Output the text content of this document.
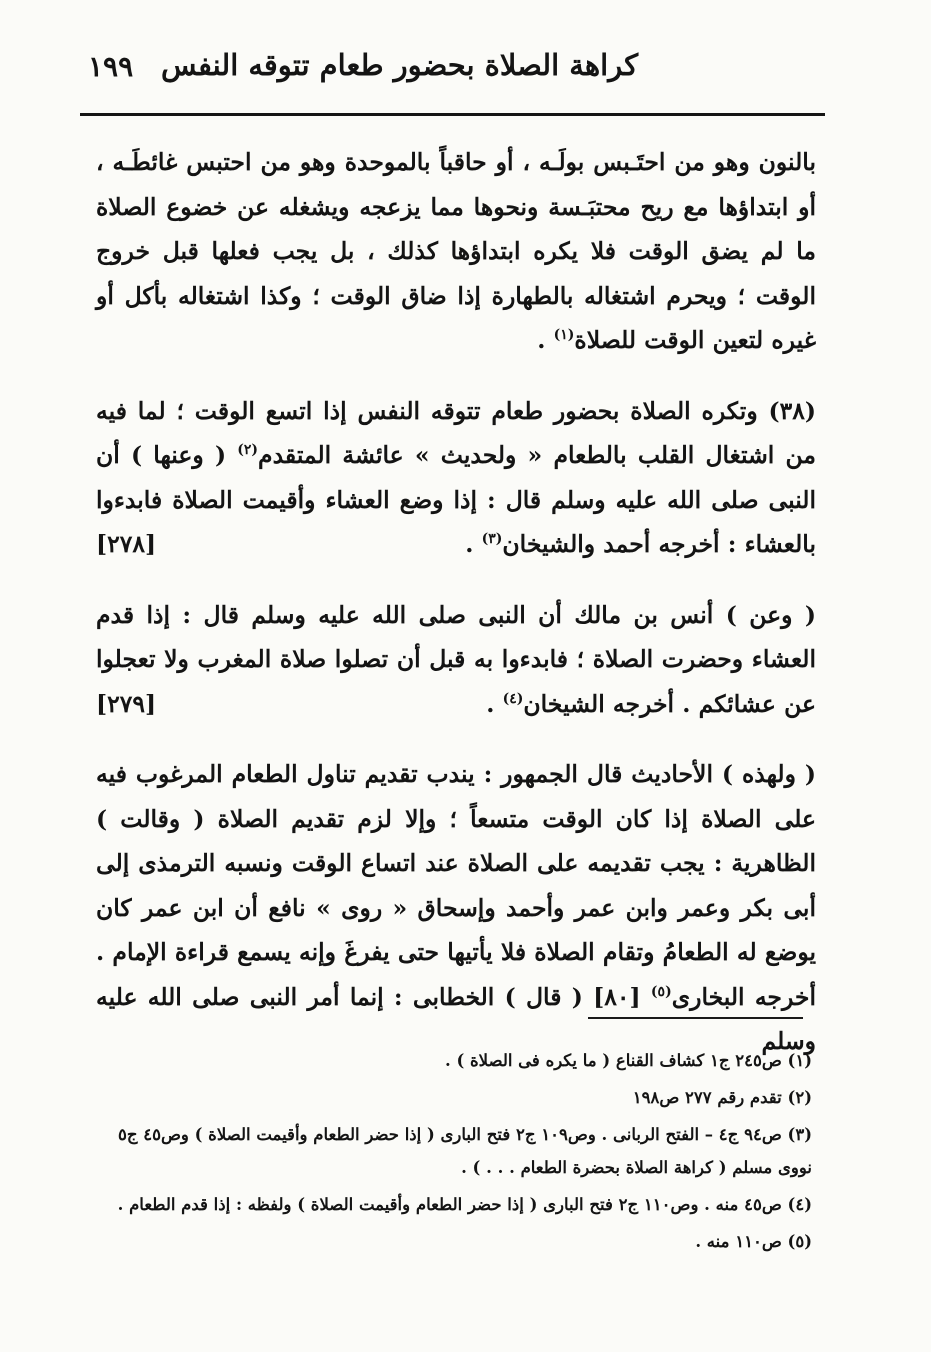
كراهة الصلاة بحضور طعام تتوقه النفس
١٩٩

بالنون وهو من احتَـبس بولَـه ، أو حاقباً بالموحدة وهو من احتبس غائطَـه ، أو ابتداؤها مع ريح محتبَـسة ونحوها مما يزعجه ويشغله عن خضوع الصلاة ما لم يضق الوقت فلا يكره ابتداؤها كذلك ، بل يجب فعلها قبل خروج الوقت ؛ ويحرم اشتغاله بالطهارة إذا ضاق الوقت ؛ وكذا اشتغاله بأكل أو غيره لتعين الوقت للصلاة$^{(١)}$ .

(٣٨) وتكره الصلاة بحضور طعام تتوقه النفس إذا اتسع الوقت ؛ لما فيه من اشتغال القلب بالطعام « ولحديث » عائشة المتقدم$^{(٢)}$ ( وعنها ) أن النبى صلى الله عليه وسلم قال : إذا وضع العشاء وأقيمت الصلاة فابدءوا بالعشاء : أخرجه أحمد والشيخان$^{(٣)}$ .
[٢٧٨]

( وعن ) أنس بن مالك أن النبى صلى الله عليه وسلم قال : إذا قدم العشاء وحضرت الصلاة ؛ فابدءوا به قبل أن تصلوا صلاة المغرب ولا تعجلوا عن عشائكم . أخرجه الشيخان$^{(٤)}$ .
[٢٧٩]

( ولهذه ) الأحاديث قال الجمهور : يندب تقديم تناول الطعام المرغوب فيه على الصلاة إذا كان الوقت متسعاً ؛ وإلا لزم تقديم الصلاة ( وقالت ) الظاهرية : يجب تقديمه على الصلاة عند اتساع الوقت ونسبه الترمذى إلى أبى بكر وعمر وابن عمر وأحمد وإسحاق « روى » نافع أن ابن عمر كان يوضع له الطعامُ وتقام الصلاة فلا يأتيها حتى يفرغَ وإنه يسمع قراءة الإمام . أخرجه البخارى$^{(٥)}$ [٨٠] ( قال ) الخطابى : إنما أمر النبى صلى الله عليه وسلم

(١) ص٢٤٥ ج١ كشاف القناع ( ما يكره فى الصلاة ) .

(٢) تقدم رقم ٢٧٧ ص١٩٨

(٣) ص٩٤ ج٤ – الفتح الربانى . وص١٠٩ ج٢ فتح البارى ( إذا حضر الطعام وأقيمت الصلاة ) وص٤٥ ج٥ نووى مسلم ( كراهة الصلاة بحضرة الطعام . . . ) .

(٤) ص٤٥ منه . وص١١٠ ج٢ فتح البارى ( إذا حضر الطعام وأقيمت الصلاة ) ولفظه : إذا قدم الطعام .

(٥) ص١١٠ منه .
